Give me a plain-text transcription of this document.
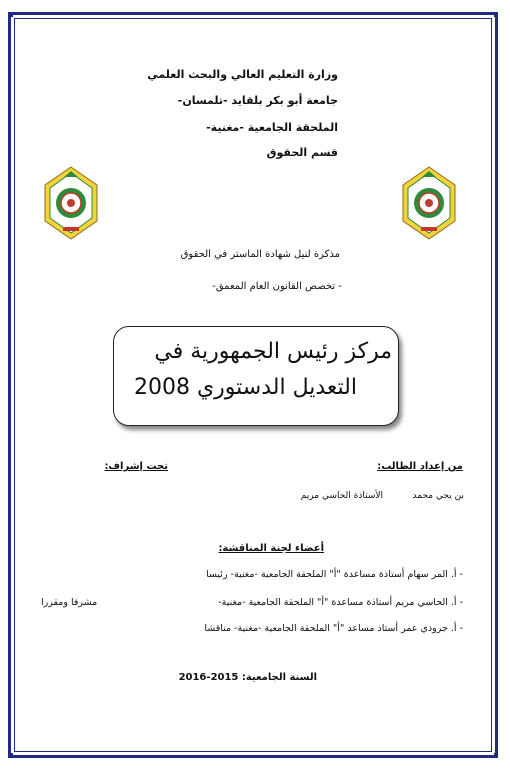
وزارة التعليم العالي والبحث العلمي
جامعة أبو بكر بلقايد -تلمسان-
الملحقة الجامعية -مغنية-
قسم الحقوق
مذكرة لنيل شهادة الماستر في الحقوق
- تخصص القانون العام المعمق-
مركز رئيس الجمهورية في
التعديل الدستوري 2008
من إعداد الطالب:
تحت إشراف:
بن يحي محمد
الأستاذة الحاسي مريم
أعضاء لجنة المناقشة:
- أ. المر سهام أستاذة مساعدة "أ" الملحقة الجامعية -مغنية- رئيسا
- أ. الحاسي مريم أستاذة مساعدة "أ" الملحقة الجامعية -مغنية-
مشرفا ومقررا
- أ. جرودي عمر أستاذ مساعد "أ" الملحقة الجامعية -مغنية- مناقشا
السنة الجامعية: 2015-2016
